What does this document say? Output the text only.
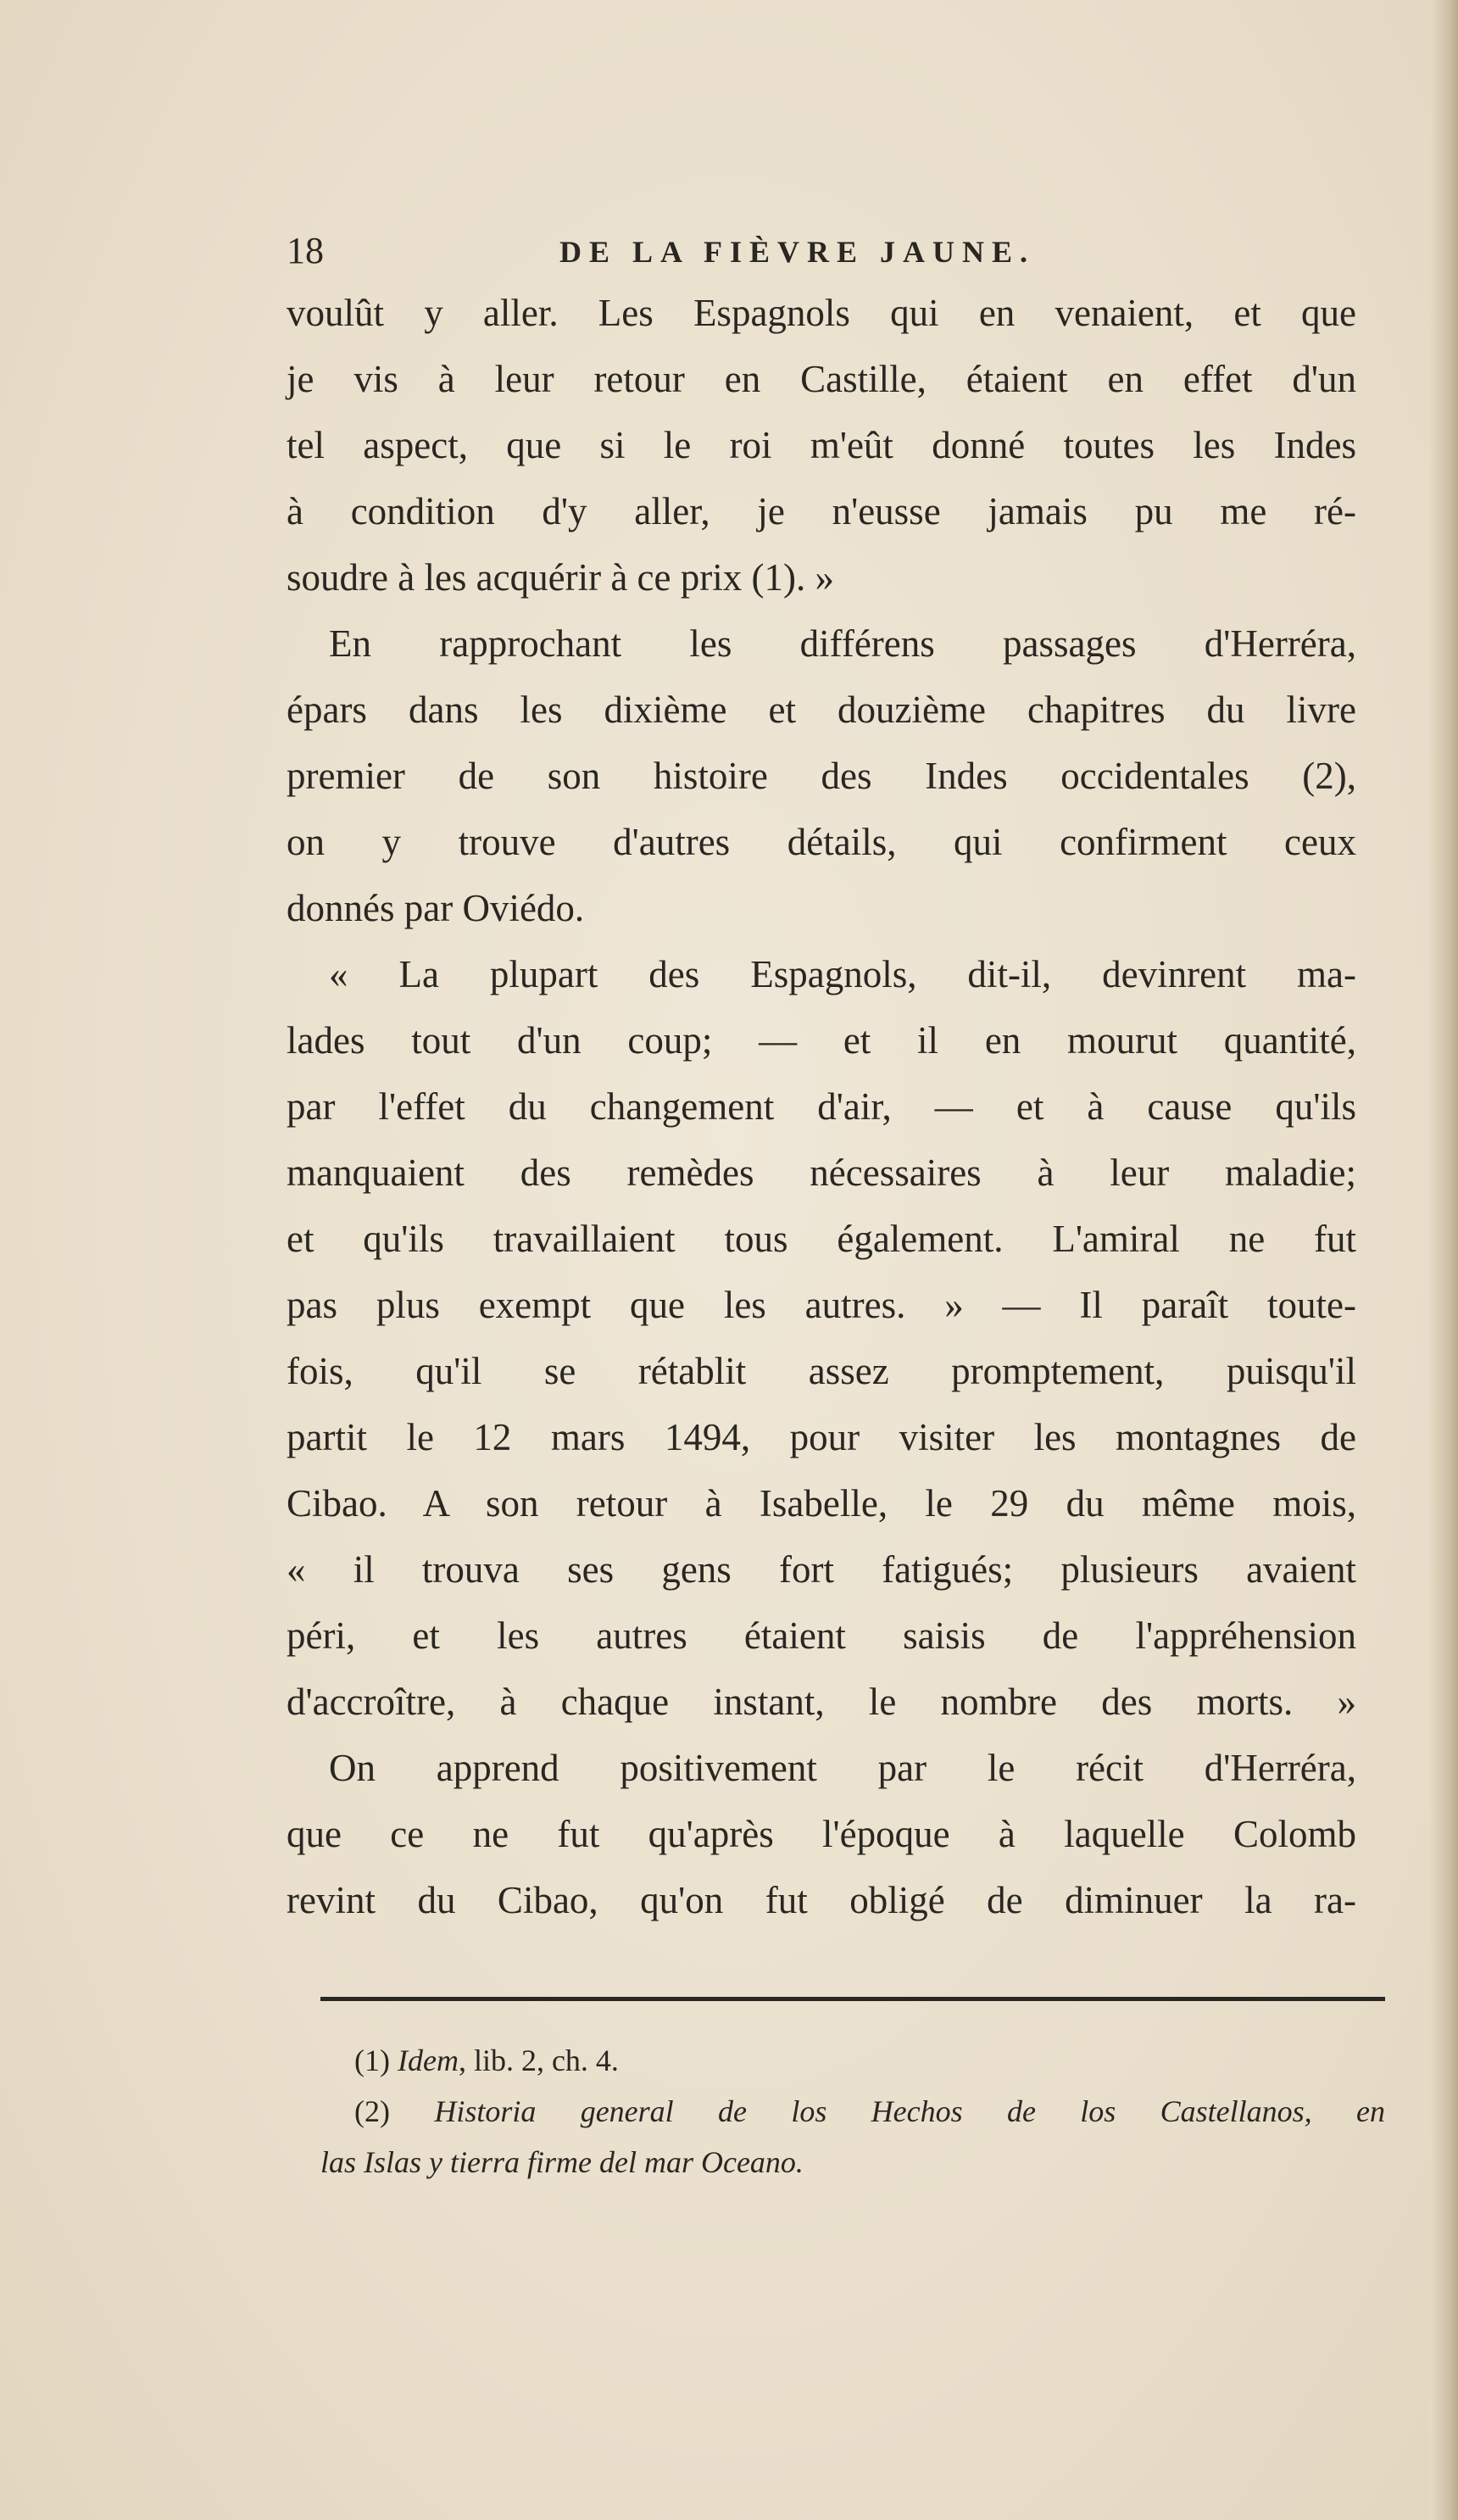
18	DE LA FIÈVRE JAUNE.
voulût y aller. Les Espagnols qui en venaient, et que
je vis à leur retour en Castille, étaient en effet d'un
tel aspect, que si le roi m'eût donné toutes les Indes
à condition d'y aller, je n'eusse jamais pu me ré-
soudre à les acquérir à ce prix (1). »
En rapprochant les différens passages d'Herréra,
épars dans les dixième et douzième chapitres du livre
premier de son histoire des Indes occidentales (2),
on y trouve d'autres détails, qui confirment ceux
donnés par Oviédo.
« La plupart des Espagnols, dit-il, devinrent ma-
lades tout d'un coup; — et il en mourut quantité,
par l'effet du changement d'air, — et à cause qu'ils
manquaient des remèdes nécessaires à leur maladie;
et qu'ils travaillaient tous également. L'amiral ne fut
pas plus exempt que les autres. » — Il paraît toute-
fois, qu'il se rétablit assez promptement, puisqu'il
partit le 12 mars 1494, pour visiter les montagnes de
Cibao. A son retour à Isabelle, le 29 du même mois,
« il trouva ses gens fort fatigués; plusieurs avaient
péri, et les autres étaient saisis de l'appréhension
d'accroître, à chaque instant, le nombre des morts. »
On apprend positivement par le récit d'Herréra,
que ce ne fut qu'après l'époque à laquelle Colomb
revint du Cibao, qu'on fut obligé de diminuer la ra-
(1) Idem, lib. 2, ch. 4.
(2) Historia general de los Hechos de los Castellanos, en
las Islas y tierra firme del mar Oceano.
